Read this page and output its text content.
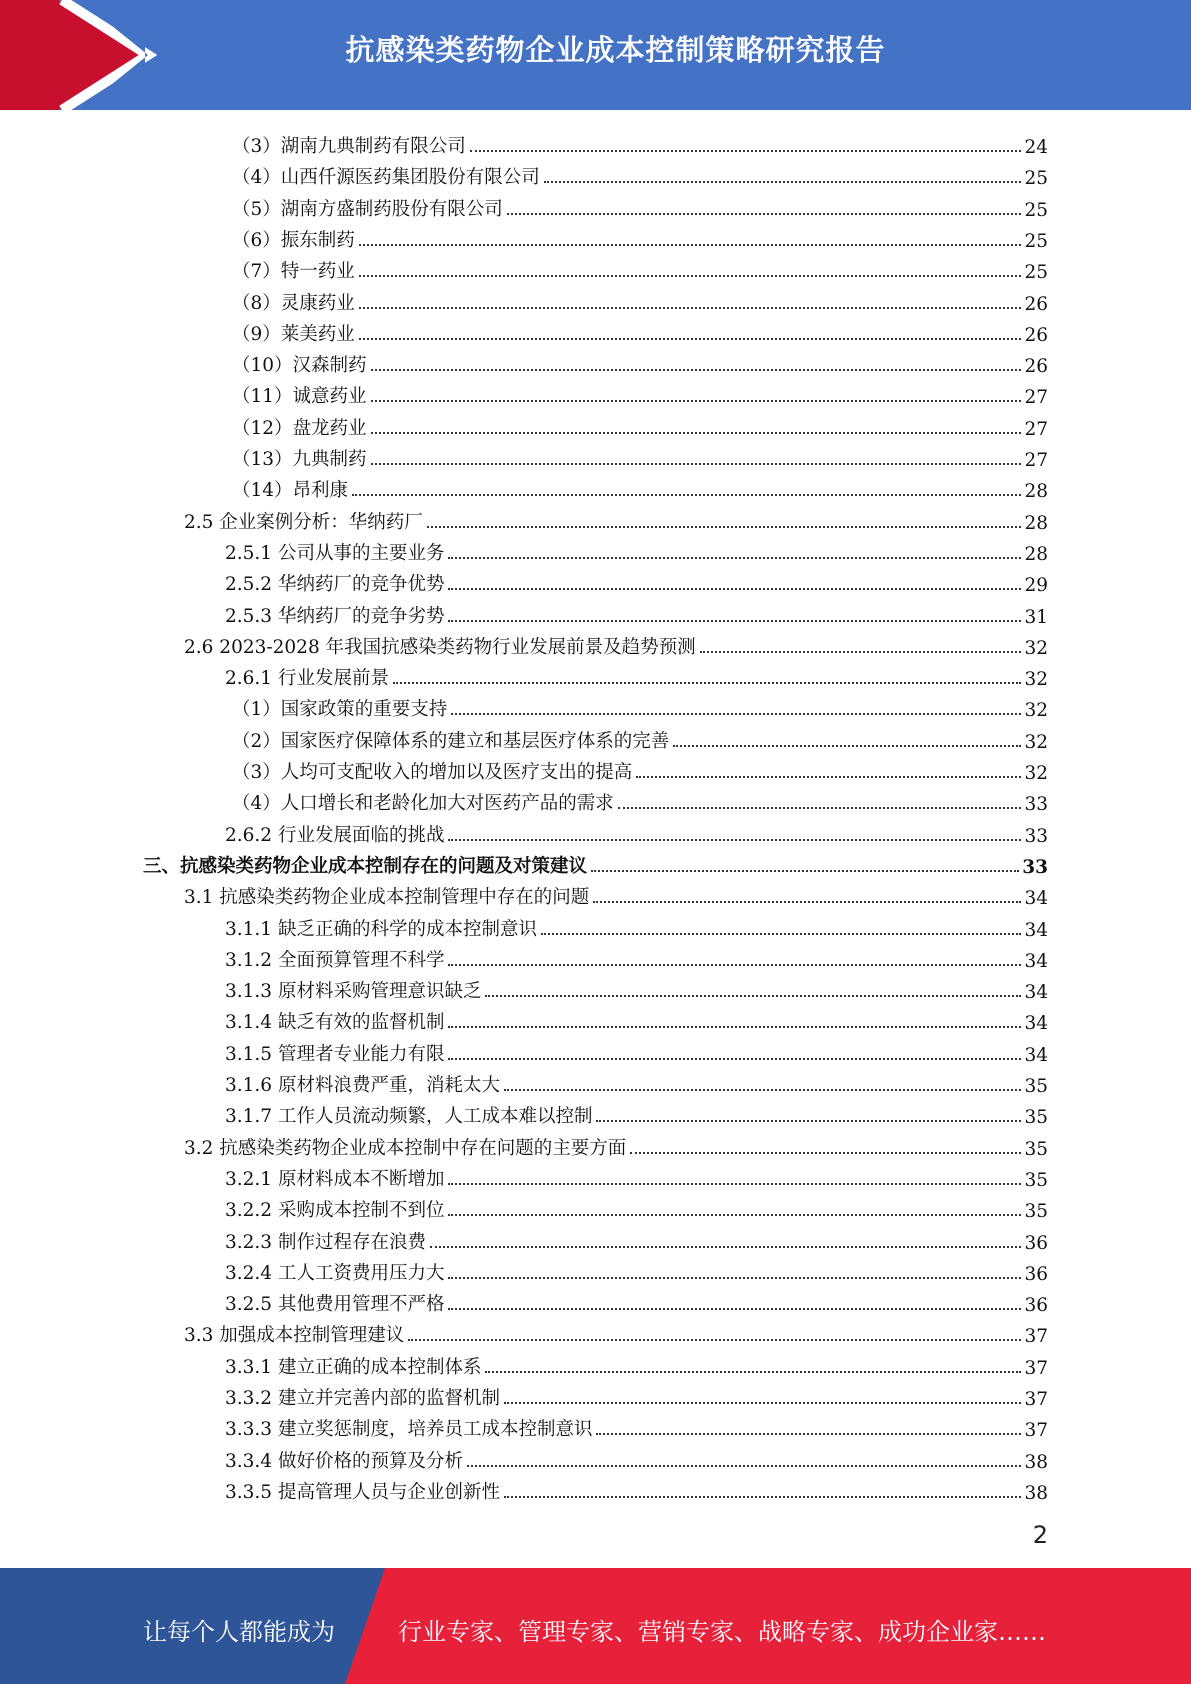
抗感染类药物企业成本控制策略研究报告
（3）湖南九典制药有限公司	24
（4）山西仟源医药集团股份有限公司	25
（5）湖南方盛制药股份有限公司	25
（6）振东制药	25
（7）特一药业	25
（8）灵康药业	26
（9）莱美药业	26
（10）汉森制药	26
（11）诚意药业	27
（12）盘龙药业	27
（13）九典制药	27
（14）昂利康	28
2.5 企业案例分析：华纳药厂	28
2.5.1 公司从事的主要业务	28
2.5.2 华纳药厂的竞争优势	29
2.5.3 华纳药厂的竞争劣势	31
2.6 2023-2028 年我国抗感染类药物行业发展前景及趋势预测	32
2.6.1 行业发展前景	32
（1）国家政策的重要支持	32
（2）国家医疗保障体系的建立和基层医疗体系的完善	32
（3）人均可支配收入的增加以及医疗支出的提高	32
（4）人口增长和老龄化加大对医药产品的需求	33
2.6.2 行业发展面临的挑战	33
三、抗感染类药物企业成本控制存在的问题及对策建议	33
3.1 抗感染类药物企业成本控制管理中存在的问题	34
3.1.1 缺乏正确的科学的成本控制意识	34
3.1.2 全面预算管理不科学	34
3.1.3 原材料采购管理意识缺乏	34
3.1.4 缺乏有效的监督机制	34
3.1.5 管理者专业能力有限	34
3.1.6 原材料浪费严重，消耗太大	35
3.1.7 工作人员流动频繁，人工成本难以控制	35
3.2 抗感染类药物企业成本控制中存在问题的主要方面	35
3.2.1 原材料成本不断增加	35
3.2.2 采购成本控制不到位	35
3.2.3 制作过程存在浪费	36
3.2.4 工人工资费用压力大	36
3.2.5 其他费用管理不严格	36
3.3 加强成本控制管理建议	37
3.3.1 建立正确的成本控制体系	37
3.3.2 建立并完善内部的监督机制	37
3.3.3 建立奖惩制度，培养员工成本控制意识	37
3.3.4 做好价格的预算及分析	38
3.3.5 提高管理人员与企业创新性	38
2
让每个人都能成为	行业专家、管理专家、营销专家、战略专家、成功企业家……
